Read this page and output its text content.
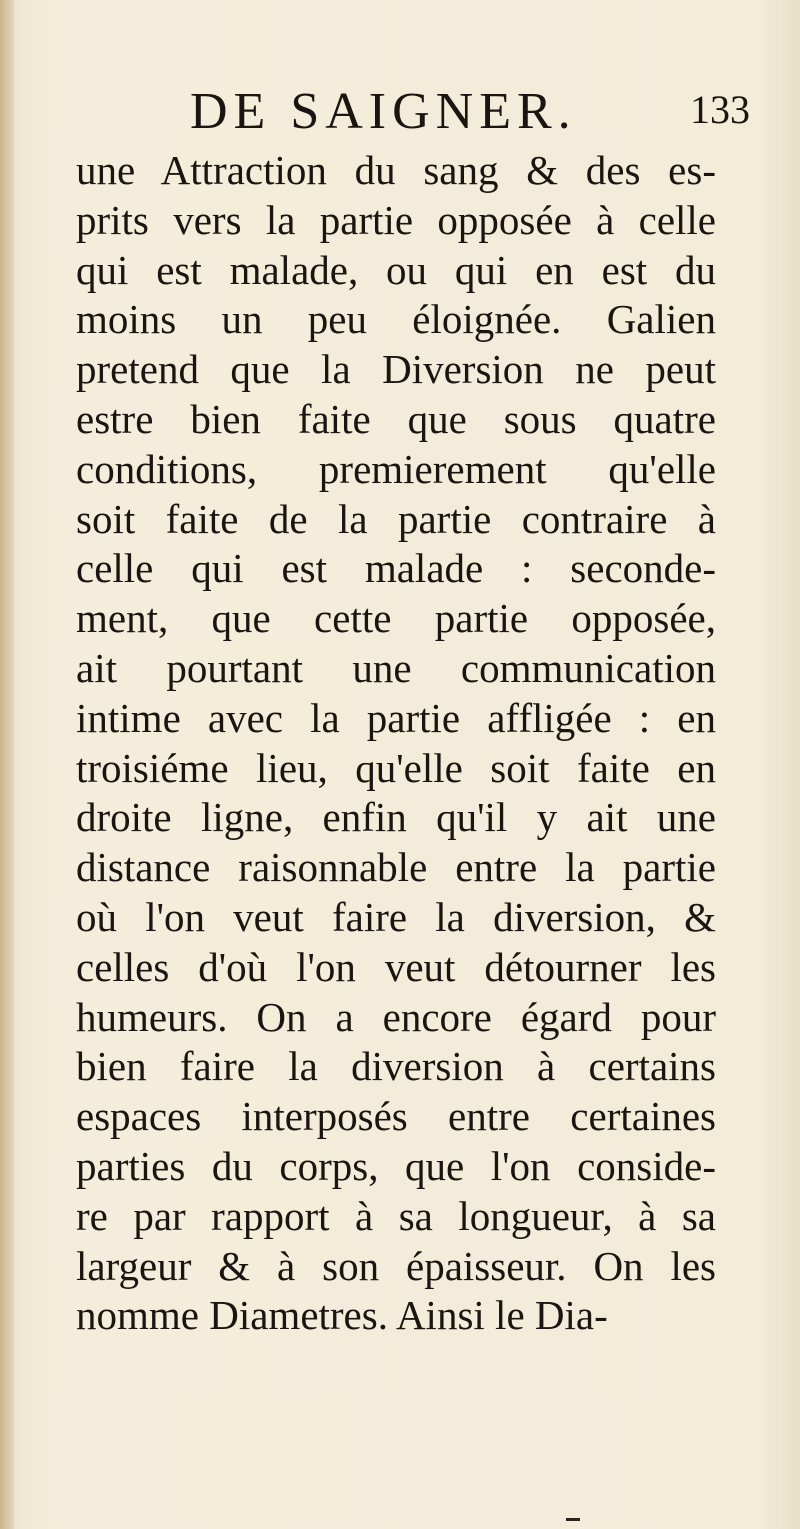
DE SAIGNER.	133
une Attraction du sang & des es-
prits vers la partie opposée à celle
qui est malade, ou qui en est du
moins un peu éloignée. Galien
pretend que la Diversion ne peut
estre bien faite que sous quatre
conditions, premierement qu'elle
soit faite de la partie contraire à
celle qui est malade : seconde-
ment, que cette partie opposée,
ait pourtant une communication
intime avec la partie affligée : en
troisiéme lieu, qu'elle soit faite en
droite ligne, enfin qu'il y ait une
distance raisonnable entre la partie
où l'on veut faire la diversion, &
celles d'où l'on veut détourner les
humeurs. On a encore égard pour
bien faire la diversion à certains
espaces interposés entre certaines
parties du corps, que l'on conside-
re par rapport à sa longueur, à sa
largeur & à son épaisseur. On les
nomme Diametres. Ainsi le Dia-
